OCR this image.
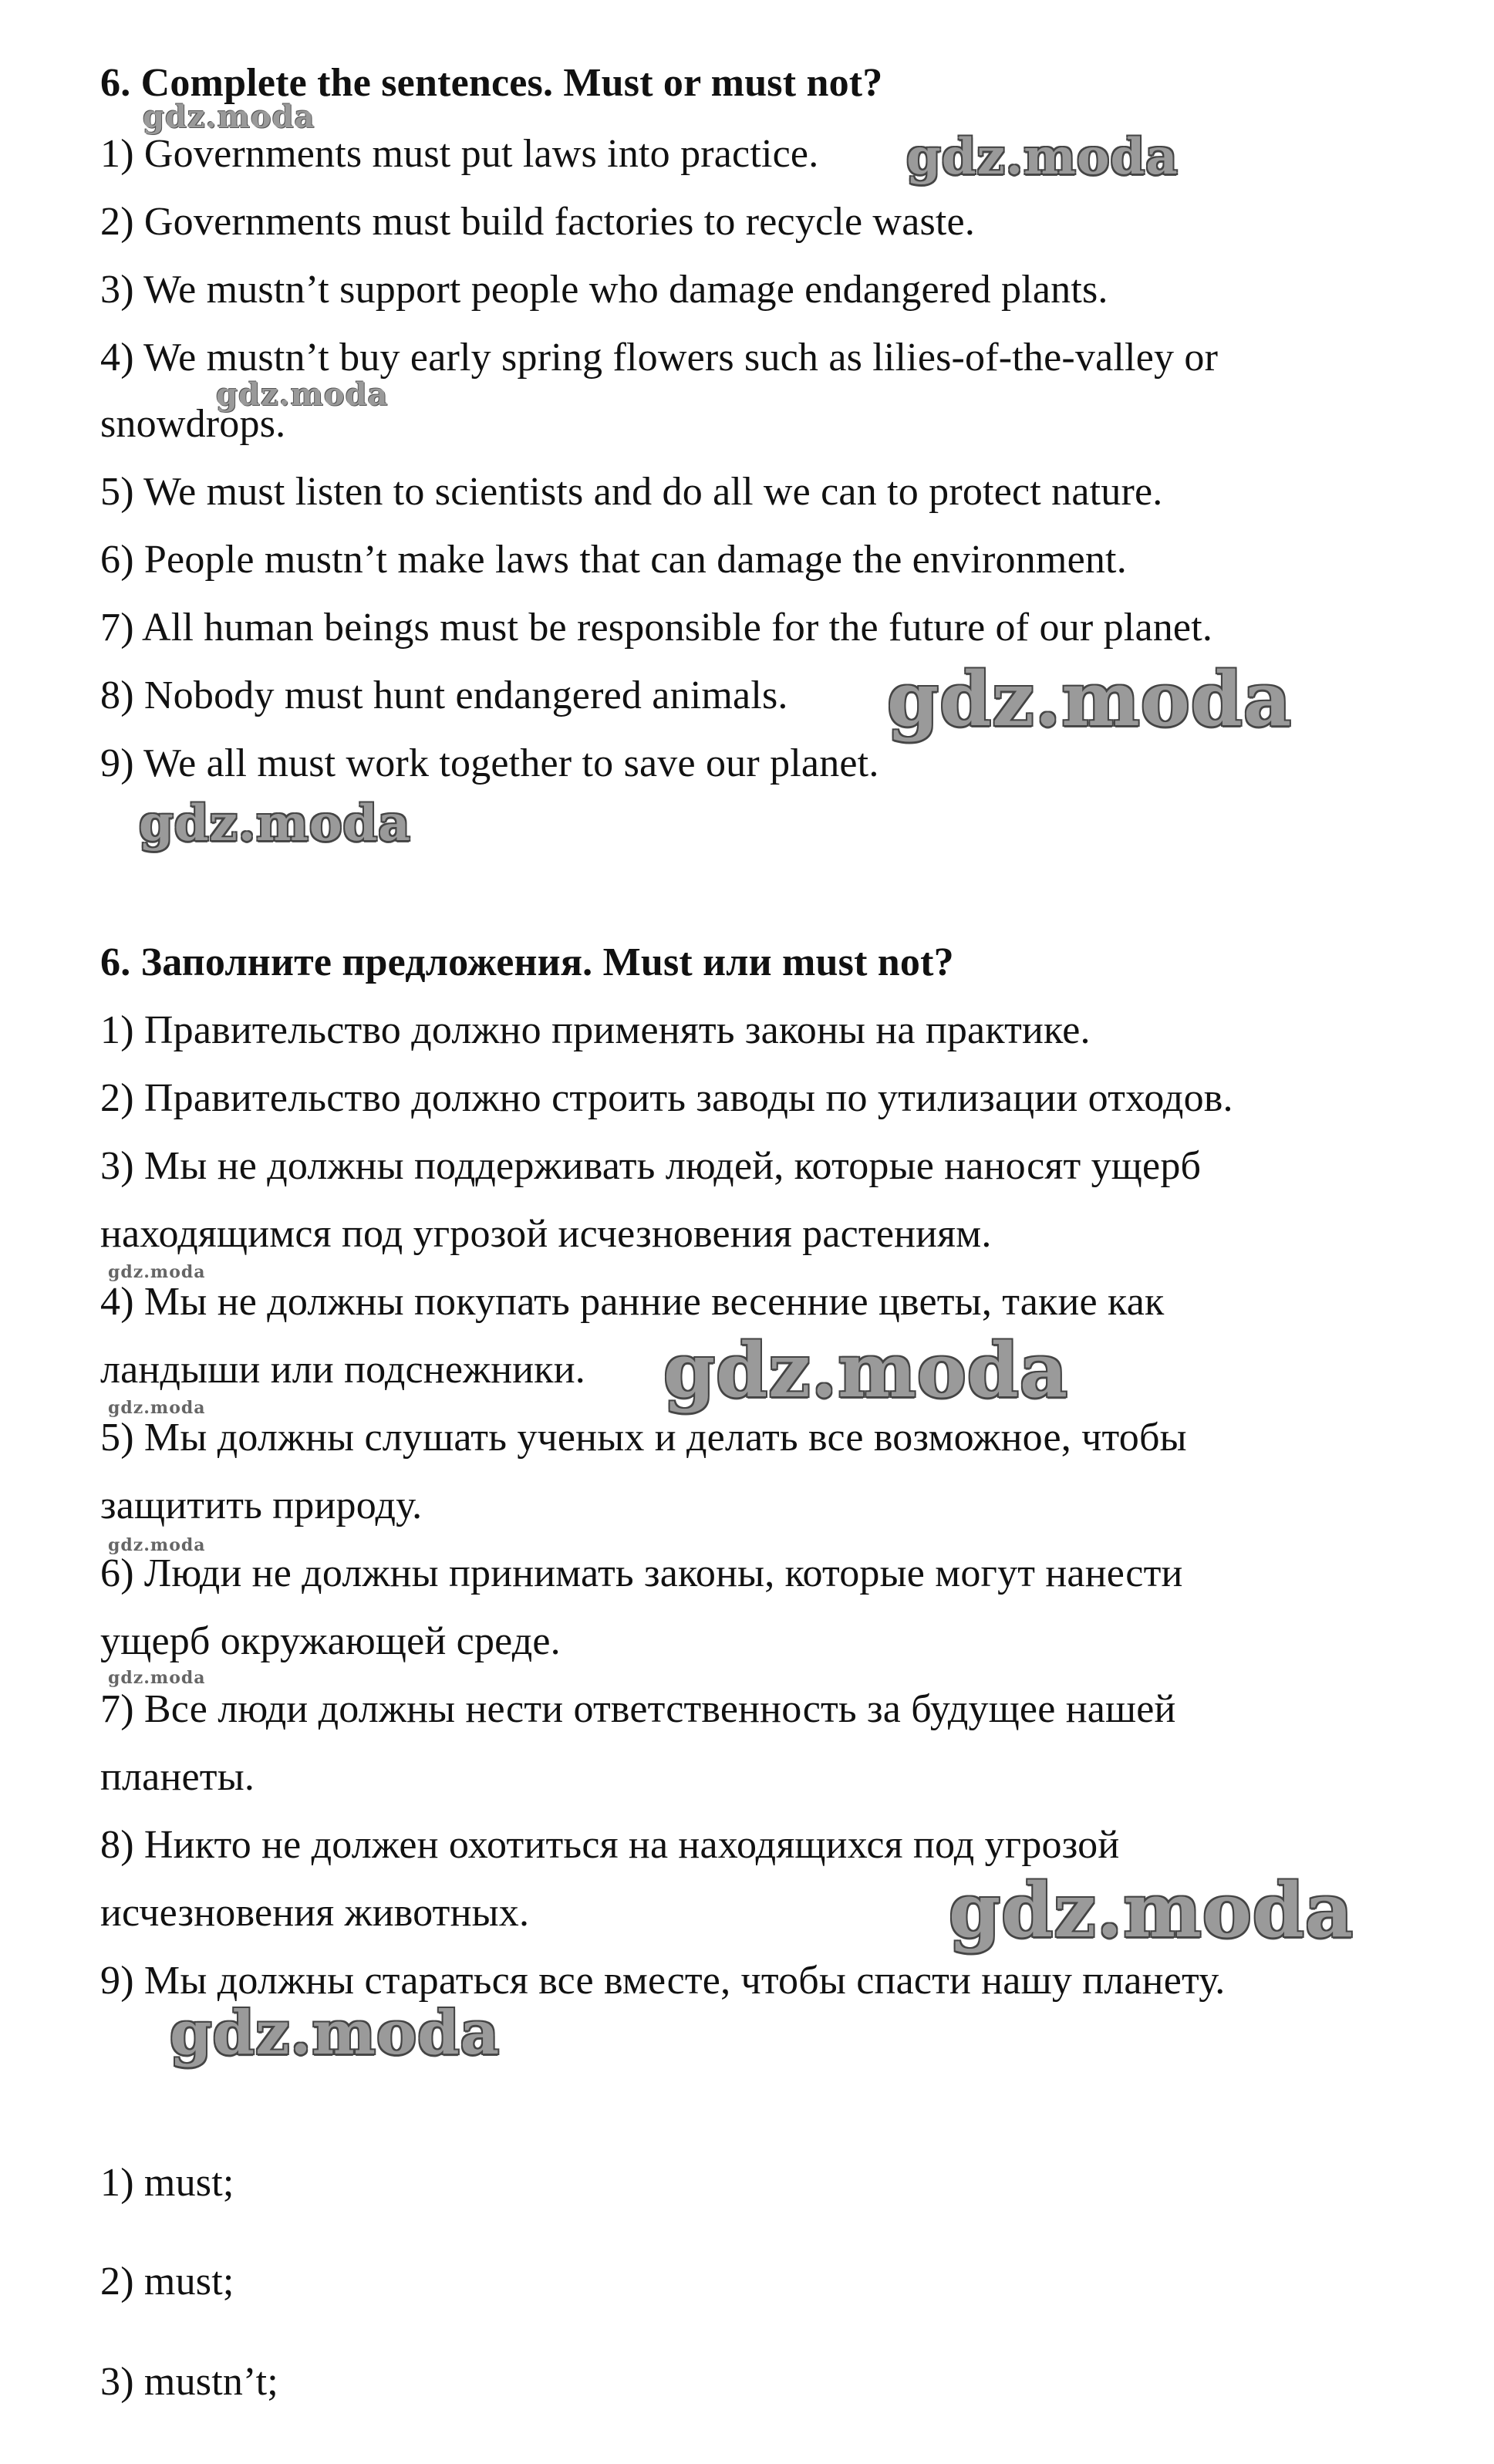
6. Complete the sentences. Must or must not?
1) Governments must put laws into practice.
2) Governments must build factories to recycle waste.
3) We mustn’t support people who damage endangered plants.
4) We mustn’t buy early spring flowers such as lilies-of-the-valley or
snowdrops.
5) We must listen to scientists and do all we can to protect nature.
6) People mustn’t make laws that can damage the environment.
7) All human beings must be responsible for the future of our planet.
8) Nobody must hunt endangered animals.
9) We all must work together to save our planet.
6. Заполните предложения. Must или must not?
1) Правительство должно применять законы на практике.
2) Правительство должно строить заводы по утилизации отходов.
3) Мы не должны поддерживать людей, которые наносят ущерб
находящимся под угрозой исчезновения растениям.
4) Мы не должны покупать ранние весенние цветы, такие как
ландыши или подснежники.
5) Мы должны слушать ученых и делать все возможное, чтобы
защитить природу.
6) Люди не должны принимать законы, которые могут нанести
ущерб окружающей среде.
7) Все люди должны нести ответственность за будущее нашей
планеты.
8) Никто не должен охотиться на находящихся под угрозой
исчезновения животных.
9) Мы должны стараться все вместе, чтобы спасти нашу планету.
1) must;
2) must;
3) mustn’t;
gdz.moda
gdz.moda
gdz.moda
gdz.moda
gdz.moda
gdz.moda
gdz.moda
gdz.moda
gdz.moda
gdz.moda
gdz.moda
gdz.moda
